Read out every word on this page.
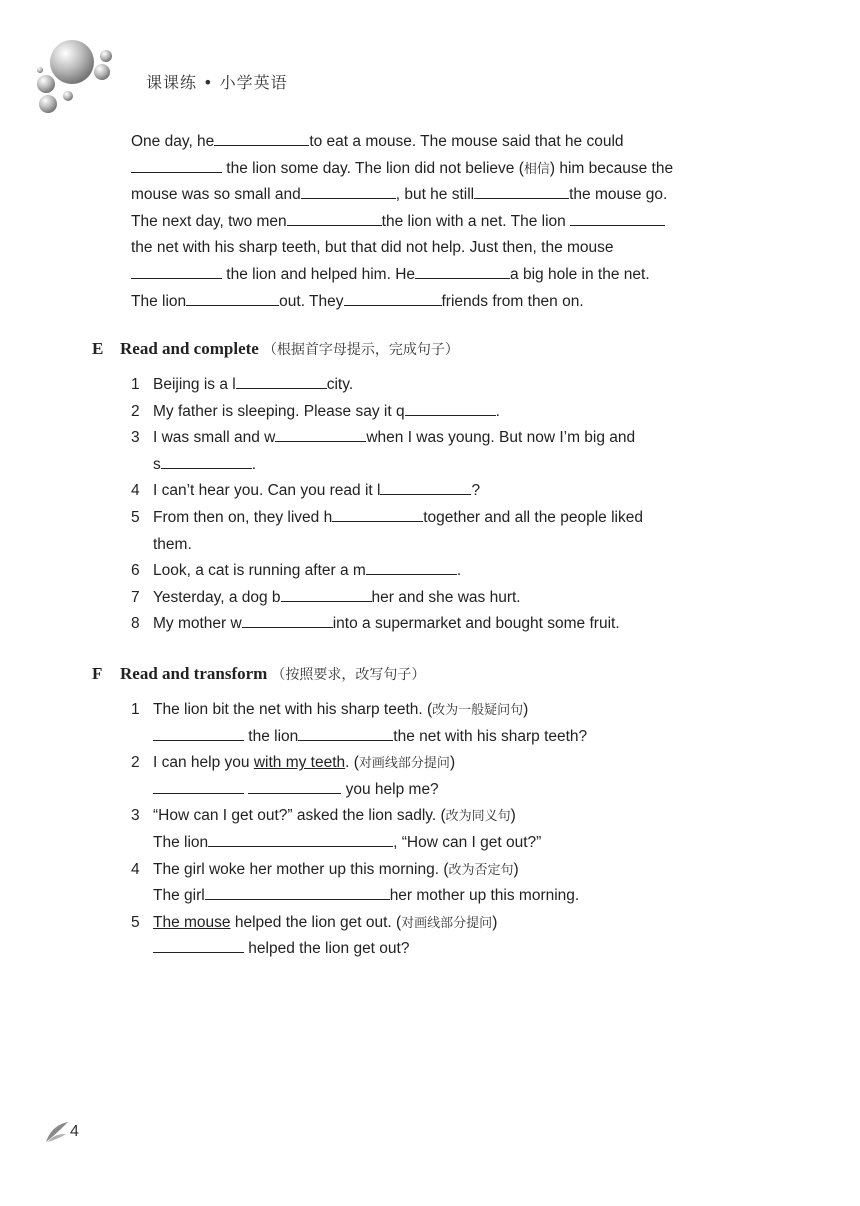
课课练 • 小学英语
One day, he	to eat a mouse. The mouse said that he could
the lion some day. The lion did not believe (相信) him because the
mouse was so small and	, but he still	the mouse go.
The next day, two men	the lion with a net. The lion
the net with his sharp teeth, but that did not help. Just then, the mouse
the lion and helped him. He	a big hole in the net.
The lion	out. They	friends from then on.
E Read and complete （根据首字母提示，完成句子）
1 Beijing is a l	city.
2 My father is sleeping. Please say it q	.
3 I was small and w	when I was young. But now I’m big and
s	.
4 I can’t hear you. Can you read it l	?
5 From then on, they lived h	together and all the people liked
them.
6 Look, a cat is running after a m	.
7 Yesterday, a dog b	her and she was hurt.
8 My mother w	into a supermarket and bought some fruit.
F Read and transform （按照要求，改写句子）
1 The lion bit the net with his sharp teeth. (改为一般疑问句)
the lion	the net with his sharp teeth?
2 I can help you with my teeth. (对画线部分提问)
you help me?
3 “How can I get out?” asked the lion sadly. (改为同义句)
The lion	, “How can I get out?”
4 The girl woke her mother up this morning. (改为否定句)
The girl	her mother up this morning.
5 The mouse helped the lion get out. (对画线部分提问)
helped the lion get out?
4
